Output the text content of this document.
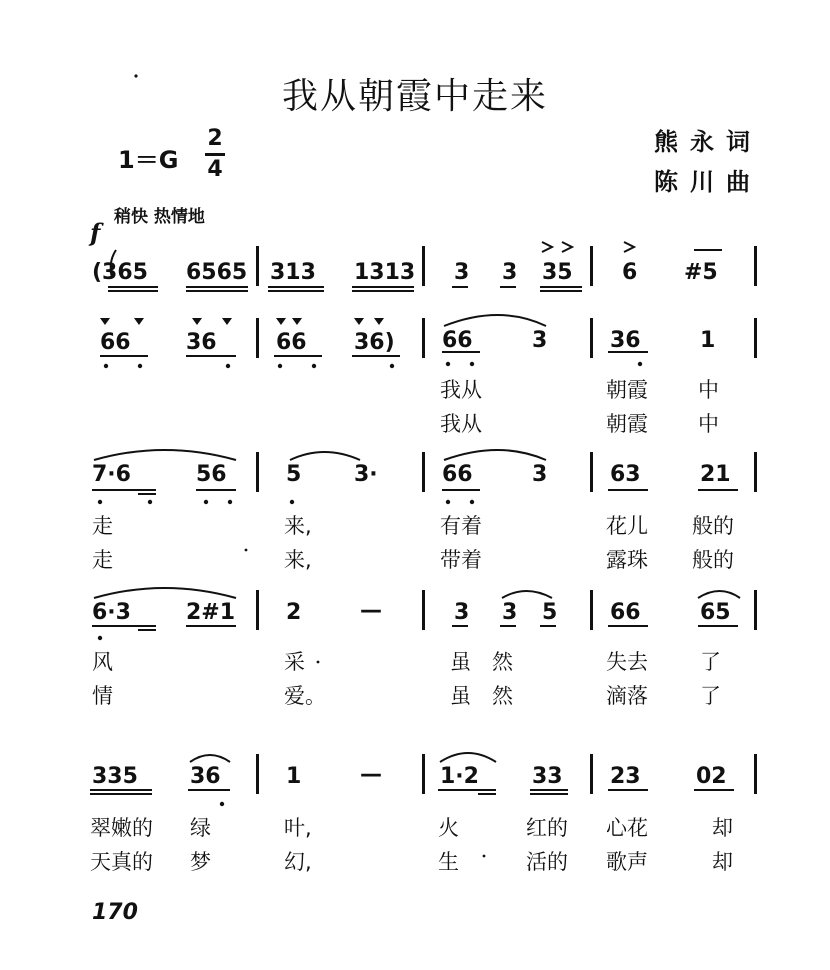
我从朝霞中走来
熊永词
陈川曲
1＝G
2
4
稍快 热情地
f
(365 6565 313 1313 3 3 35 6 #5
66	36	66 36) 66	3	36	1
我从	朝霞 中
我从	朝霞 中
7·6	56	5 3·	66	3	63	21
走	来,	有着	花儿 般的
走	来,	带着	露珠 般的
6·3	2#1 2	—	3 3 5 66	65
风	采	虽 然	失去 了
情	爱。	虽 然	滴落 了
335 36	1	—	1·2 33 23	02
翠嫩的 绿	叶,	火	红的 心花	却
天真的 梦	幻,	生	活的 歌声	却
170
